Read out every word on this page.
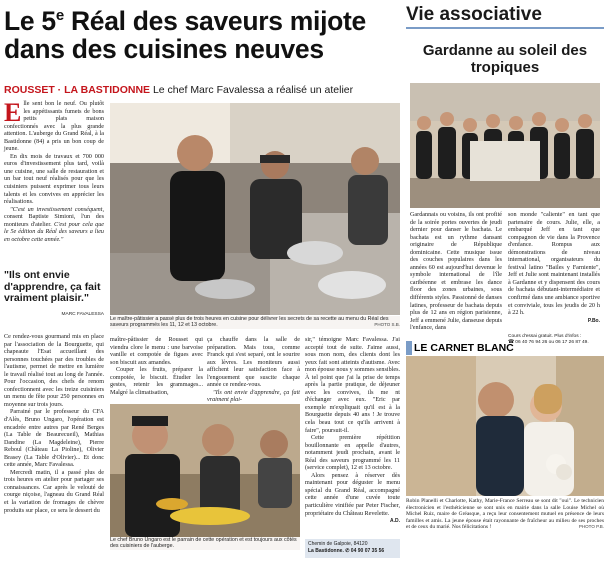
Le 5e Réal des saveurs mijote dans des cuisines neuves
ROUSSET · LA BASTIDONNE Le chef Marc Favalessa a réalisé un atelier

Elle sent bon le neuf. Ou plutôt les appétissants fumets de bons petits plats maison confectionnés avec la plus grande attention. L'auberge du Grand Réal, à la Bastidonne (84) a pris un bon coup de jeune.

En dix mois de travaux et 700 000 euros d'investissement plus tard, voilà une cuisine, une salle de restauration et un bar tout neuf réalisés pour que les cuisiniers puissent exprimer tous leurs talents et les convives en apprécier les réalisations.

"C'est un investissement conséquent, consent Baptiste Simioni, l'un des moniteurs d'atelier. C'est pour cela que le 5e édition du Réal des saveurs a lieu en octobre cette année."

"Ils ont envie d'apprendre, ça fait vraiment plaisir."
MARC FAVALESSA

Ce rendez-vous gourmand mis en place par l'association de la Bourguette, qui chapeaute l'Esat accueillant des personnes touchées par des troubles de l'autisme, permet de mettre en lumière le travail réalisé tout au long de l'année. Pour l'occasion, des chefs de renom confectionnent avec les treize cuisiniers un menu de fête pour 250 personnes en moyenne sur trois jours.

Parrainé par le professeur du CFA d'Alès, Bruno Ungaro, l'opération est encadrée entre autres par René Berges (La Table de Beaurecueil), Mathias Dandine (La Magdeleine), Pierre Reboul (Château La Pioline), Olivier Brasey (La Table d'Olivier)... Et donc cette année, Marc Favalessa.

Mercredi matin, il a passé plus de trois heures en atelier pour partager ses connaissances. Car après le velouté de courge niçoise, l'agneau du Grand Réal et la variation de fromages de chèvre produits sur place, ce sera le dessert du

Le maître-pâtissier a passé plus de trois heures en cuisine pour délivrer les secrets de sa recette au menu du Réal des saveurs programmés les 11, 12 et 13 octobre.	PHOTO S.B.

maître-pâtissier de Rousset qui viendra clore le menu : une barvoise vanille et compotée de figues avec son biscuit aux amandes.

Couper les fruits, préparer la compotée, le biscuit. Étudier les gestes, retenir les grammages... Malgré la climatisation,

ça chauffe dans la salle de préparation. Mais tous, comme Franck qui s'est separé, ont le sourire aux lèvres. Les moniteurs aussi affichent leur satisfaction face à l'engouement que suscite chaque année ce rendez-vous.

"Ils ont envie d'apprendre, ça fait vraiment plai-

sir," témoigne Marc Favalessa. J'ai accepté tout de suite. J'aime aussi, sous mon nom, des clients dont les yeux fait sont atteints d'autisme. Avec mon épouse nous y sommes sensibles. À tel point que j'ai la prise de temps après la partie pratique, de déjeuner avec les convives, ils me nt d'échanger avec eux. "Eric par exemple m'expliquait qu'il est à la Bourguette depuis 40 ans ! Je trouve cela beau tout ce qu'ils arrivent à faire", poursuit-il.

Cette première répétition bouillonnante en appelle d'autres, notamment jeudi prochain, avant le Réal des saveurs programmé les 11 (service complet), 12 et 13 octobre.

Alors pensez à réserver dès maintenant pour déguster le menu spécial du Grand Réal, accompagné cette année d'une cuvée toute particulière vinifiée par Peter Fischer, propriétaire du Château Revelette.

A.D.
Le chef Bruno Ungaro est le parrain de cette opération et est toujours aux côtés des cuisiniers de l'auberge.	Chemin de Galpoie, 84120
La Bastidonne. ✆ 04 90 07 35 56
Vie associative
Gardanne au soleil des tropiques
Gardannais ou voisins, ils ont profité de la soirée portes ouvertes de jeudi dernier pour danser le bachata. Le bachata est un rythme dansant originaire de République dominicaine. Cette musique issue des couches populaires dans les années 60 est aujourd'hui devenue le symbole international de l'île caribéenne et embrase les dance floor des zones urbaines, sous différents styles. Passionné de danses latines, professeur de bachata depuis plus de 12 ans en région parisienne, Jeff a emmené Julie, danseuse depuis l'enfance, dans

son monde "caliente" en tant que partenaire de cours. Julie, elle, a embarqué Jeff en tant que compagnon de vie dans la Provence d'enfance. Rompus aux démonstrations de niveau international, organisateurs du festival latino "Bailes y Farniente", Jeff et Julie sont maintenant installés à Gardanne et y dispensent des cours de bachata débutant-intermédiaire et confirmé dans une ambiance sportive et conviviale, tous les jeudis de 20 h à 22 h.

P.Bo.
Cours d'essai gratuit. Plus d'infos :
☎ 06 40 76 94 26 ou 06 17 26 87 49.
LE CARNET BLANC
Robin Planelli et Charlotte, Kathy, Marie-France Serreau se sont dit "oui". Le technicien électronicien et l'esthéticienne se sont unis en mairie dans la salle Louise Michel où Michel Ruiz, maire de Gréasque, a reçu leur consentement mutuel en présence de leurs familles et amis. La jeune épouse était rayonnante de fraîcheur au milieu de ses proches et de ceux du marié. Nos félicitations !	PHOTO P.B.
